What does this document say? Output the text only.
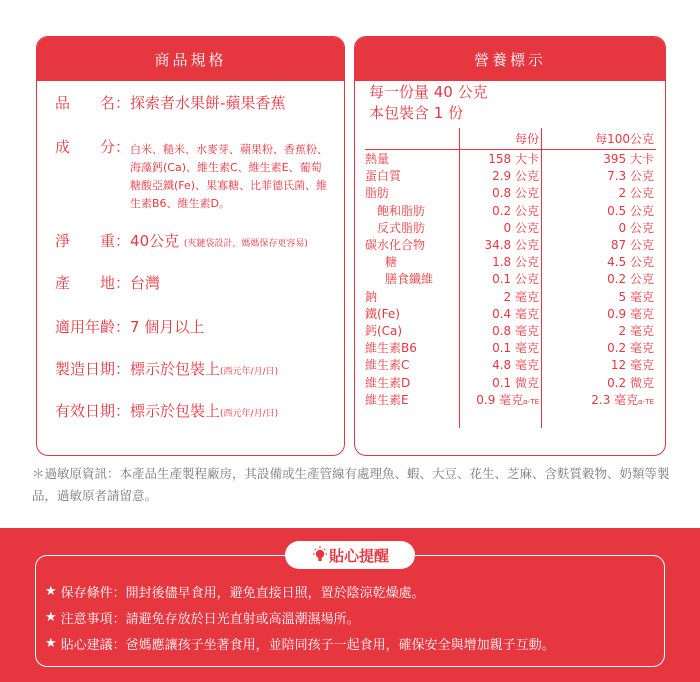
商品規格
品　　名：探索者水果餅-蘋果香蕉
成　　分： 白米、糙米、水麥芽、蘋果粉、香蕉粉、海藻鈣(Ca)、維生素C、維生素E、葡萄糖酸亞鐵(Fe)、果寡糖、比菲德氏菌、維生素B6、維生素D。
淨　　重：40公克 (夾鏈袋設計，媽媽保存更容易)
產　　地：台灣
適用年齡：7 個月以上
製造日期：標示於包裝上(西元年/月/日)
有效日期：標示於包裝上(西元年/月/日)
營養標示
每一份量 40 公克
本包裝含 1 份
每份	每100公克
熱量	158 大卡	395 大卡
蛋白質	2.9 公克	7.3 公克
脂肪	0.8 公克	2 公克
飽和脂肪	0.2 公克	0.5 公克
反式脂肪	0 公克	0 公克
碳水化合物	34.8 公克	87 公克
糖	1.8 公克	4.5 公克
膳食纖維	0.1 公克	0.2 公克
鈉	2 毫克	5 毫克
鐵(Fe)	0.4 毫克	0.9 毫克
鈣(Ca)	0.8 毫克	2 毫克
維生素B6	0.1 毫克	0.2 毫克
維生素C	4.8 毫克	12 毫克
維生素D	0.1 微克	0.2 微克
維生素E	0.9 毫克α-TE	2.3 毫克α-TE
＊過敏原資訊：本產品生產製程廠房，其設備或生產管線有處理魚、蝦、大豆、花生、芝麻、含麩質穀物、奶類等製品，過敏原者請留意。
貼心提醒
★ 保存條件： 開封後儘早食用，避免直接日照，置於陰涼乾燥處。
★ 注意事項： 請避免存放於日光直射或高溫潮濕場所。
★ 貼心建議： 爸媽應讓孩子坐著食用，並陪同孩子一起食用，確保安全與增加親子互動。
